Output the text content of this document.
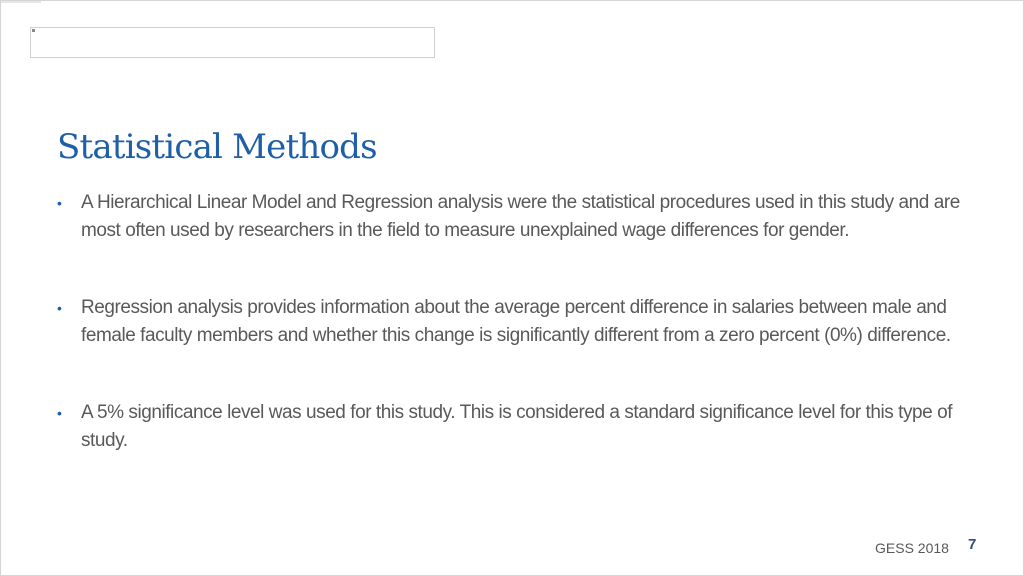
Statistical Methods
• A Hierarchical Linear Model and Regression analysis were the statistical procedures used in this study and are most often used by researchers in the field to measure unexplained wage differences for gender.
• Regression analysis provides information about the average percent difference in salaries between male and female faculty members and whether this change is significantly different from a zero percent (0%) difference.
• A 5% significance level was used for this study. This is considered a standard significance level for this type of study.
GESS 2018 7
